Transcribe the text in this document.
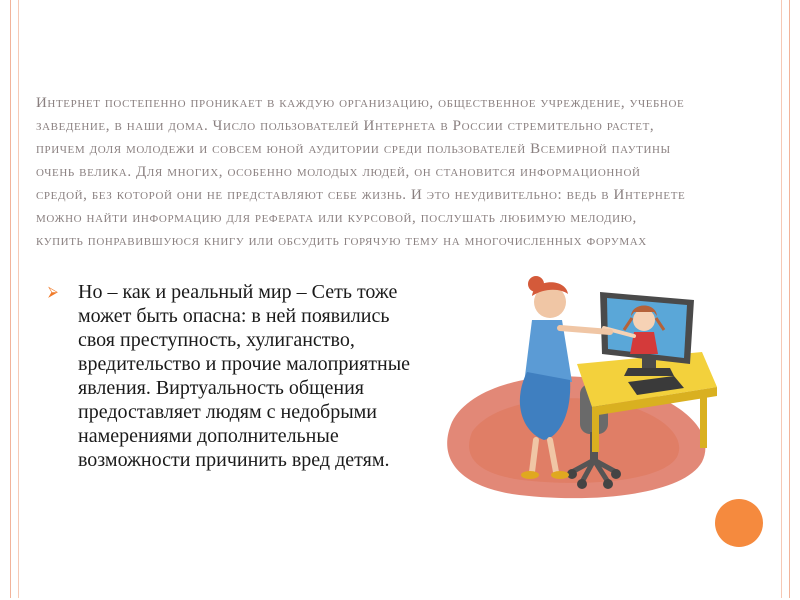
Интернет постепенно проникает в каждую организацию, общественное учреждение, учебное заведение, в наши дома. Число пользователей Интернета в России стремительно растет, причем доля молодежи и совсем юной аудитории среди пользователей Всемирной паутины очень велика. Для многих, особенно молодых людей, он становится информационной средой, без которой они не представляют себе жизнь. И это неудивительно: ведь в Интернете можно найти информацию для реферата или курсовой, послушать любимую мелодию, купить понравившуюся книгу или обсудить горячую тему на многочисленных форумах

⮚ Но – как и реальный мир – Сеть тоже может быть опасна: в ней появились своя преступность, хулиганство, вредительство и прочие малоприятные явления. Виртуальность общения предоставляет людям с недобрыми намерениями дополнительные возможности причинить вред детям.
